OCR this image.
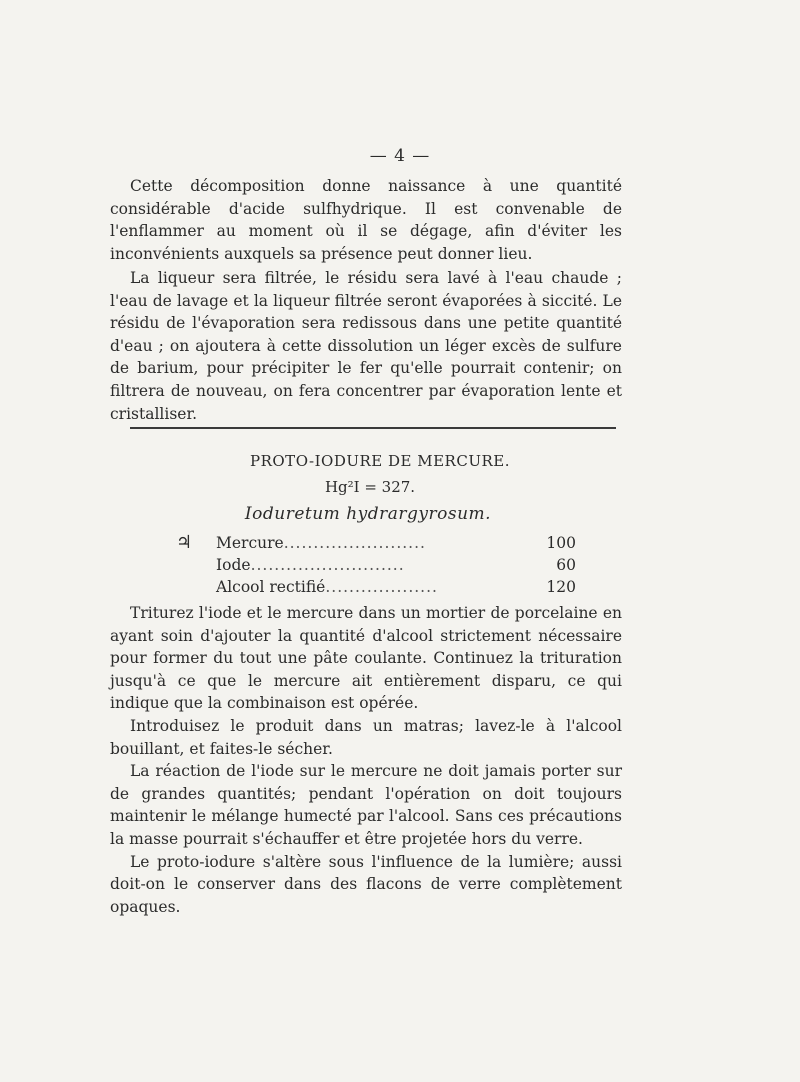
— 4 —

Cette décomposition donne naissance à une quantité considérable d'acide sulfhydrique. Il est convenable de l'enflammer au moment où il se dégage, afin d'éviter les inconvénients auxquels sa présence peut donner lieu.

La liqueur sera filtrée, le résidu sera lavé à l'eau chaude ; l'eau de lavage et la liqueur filtrée seront évaporées à siccité. Le résidu de l'évaporation sera redissous dans une petite quantité d'eau ; on ajoutera à cette dissolution un léger excès de sulfure de barium, pour précipiter le fer qu'elle pourrait contenir; on filtrera de nouveau, on fera concentrer par évaporation lente et cristalliser.

PROTO-IODURE DE MERCURE.
Hg²I = 327.
Ioduretum hydrargyrosum.
♃	Mercure........................	100
Iode..........................	60
Alcool rectifié...................	120

Triturez l'iode et le mercure dans un mortier de porcelaine en ayant soin d'ajouter la quantité d'alcool strictement nécessaire pour former du tout une pâte coulante. Continuez la trituration jusqu'à ce que le mercure ait entièrement disparu, ce qui indique que la combinaison est opérée.

Introduisez le produit dans un matras; lavez-le à l'alcool bouillant, et faites-le sécher.

La réaction de l'iode sur le mercure ne doit jamais porter sur de grandes quantités; pendant l'opération on doit toujours maintenir le mélange humecté par l'alcool. Sans ces précautions la masse pourrait s'échauffer et être projetée hors du verre.

Le proto-iodure s'altère sous l'influence de la lumière; aussi doit-on le conserver dans des flacons de verre complètement opaques.
